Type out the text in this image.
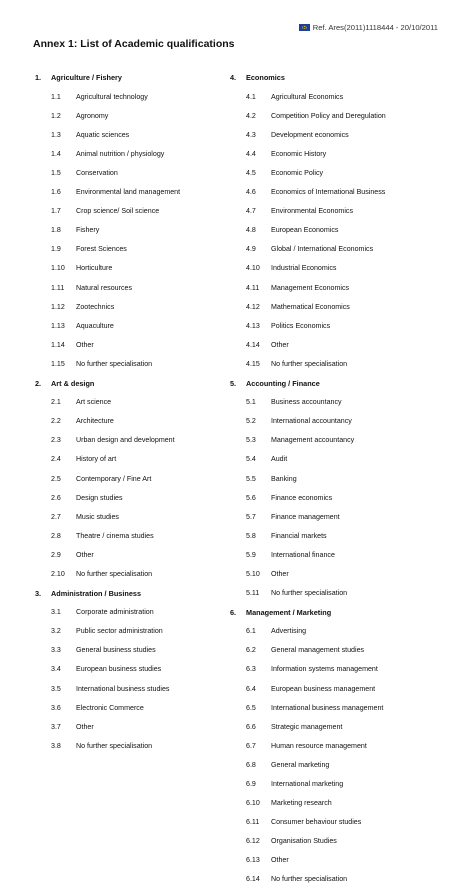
Ref. Ares(2011)1118444 - 20/10/2011
Annex 1: List of Academic qualifications
1.	Agriculture / Fishery
1.1	Agricultural technology
1.2	Agronomy
1.3	Aquatic sciences
1.4	Animal nutrition / physiology
1.5	Conservation
1.6	Environmental land management
1.7	Crop science/ Soil science
1.8	Fishery
1.9	Forest Sciences
1.10	Horticulture
1.11	Natural resources
1.12	Zootechnics
1.13	Aquaculture
1.14	Other
1.15	No further specialisation
2.	Art & design
2.1	Art science
2.2	Architecture
2.3	Urban design and development
2.4	History of art
2.5	Contemporary / Fine Art
2.6	Design studies
2.7	Music studies
2.8	Theatre / cinema studies
2.9	Other
2.10	No further specialisation
3.	Administration / Business
3.1	Corporate administration
3.2	Public sector administration
3.3	General business studies
3.4	European business studies
3.5	International business studies
3.6	Electronic Commerce
3.7	Other
3.8	No further specialisation
4.	Economics
4.1	Agricultural Economics
4.2	Competition Policy and Deregulation
4.3	Development economics
4.4	Economic History
4.5	Economic Policy
4.6	Economics of International Business
4.7	Environmental Economics
4.8	European Economics
4.9	Global / International Economics
4.10	Industrial Economics
4.11	Management Economics
4.12	Mathematical Economics
4.13	Politics Economics
4.14	Other
4.15	No further specialisation
5.	Accounting / Finance
5.1	Business accountancy
5.2	International accountancy
5.3	Management accountancy
5.4	Audit
5.5	Banking
5.6	Finance economics
5.7	Finance management
5.8	Financial markets
5.9	International finance
5.10	Other
5.11	No further specialisation
6.	Management / Marketing
6.1	Advertising
6.2	General management studies
6.3	Information systems management
6.4	European business management
6.5	International business management
6.6	Strategic management
6.7	Human resource management
6.8	General marketing
6.9	International marketing
6.10	Marketing research
6.11	Consumer behaviour studies
6.12	Organisation Studies
6.13	Other
6.14	No further specialisation
